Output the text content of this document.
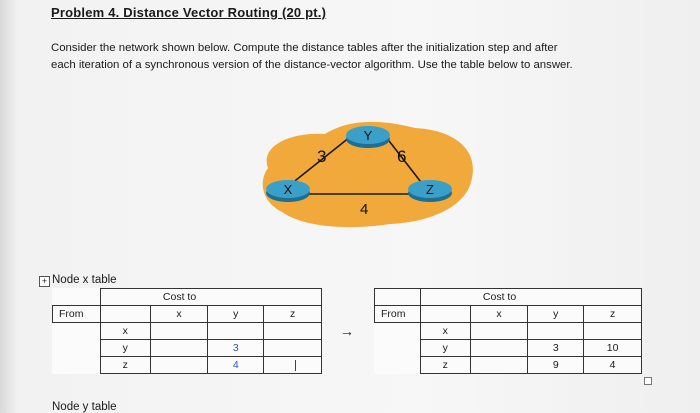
Problem 4. Distance Vector Routing (20 pt.)
Consider the network shown below. Compute the distance tables after the initialization step and after
each iteration of a synchronous version of the distance-vector algorithm. Use the table below to answer.
Y
X	Z
3	6
4
+ Node x table
	Cost to			
From		x	y	z
	x			
	y		3	
	z		4	
→
	Cost to			
From		x	y	z
	x			
	y		3	10
	z		9	4
Node y table
